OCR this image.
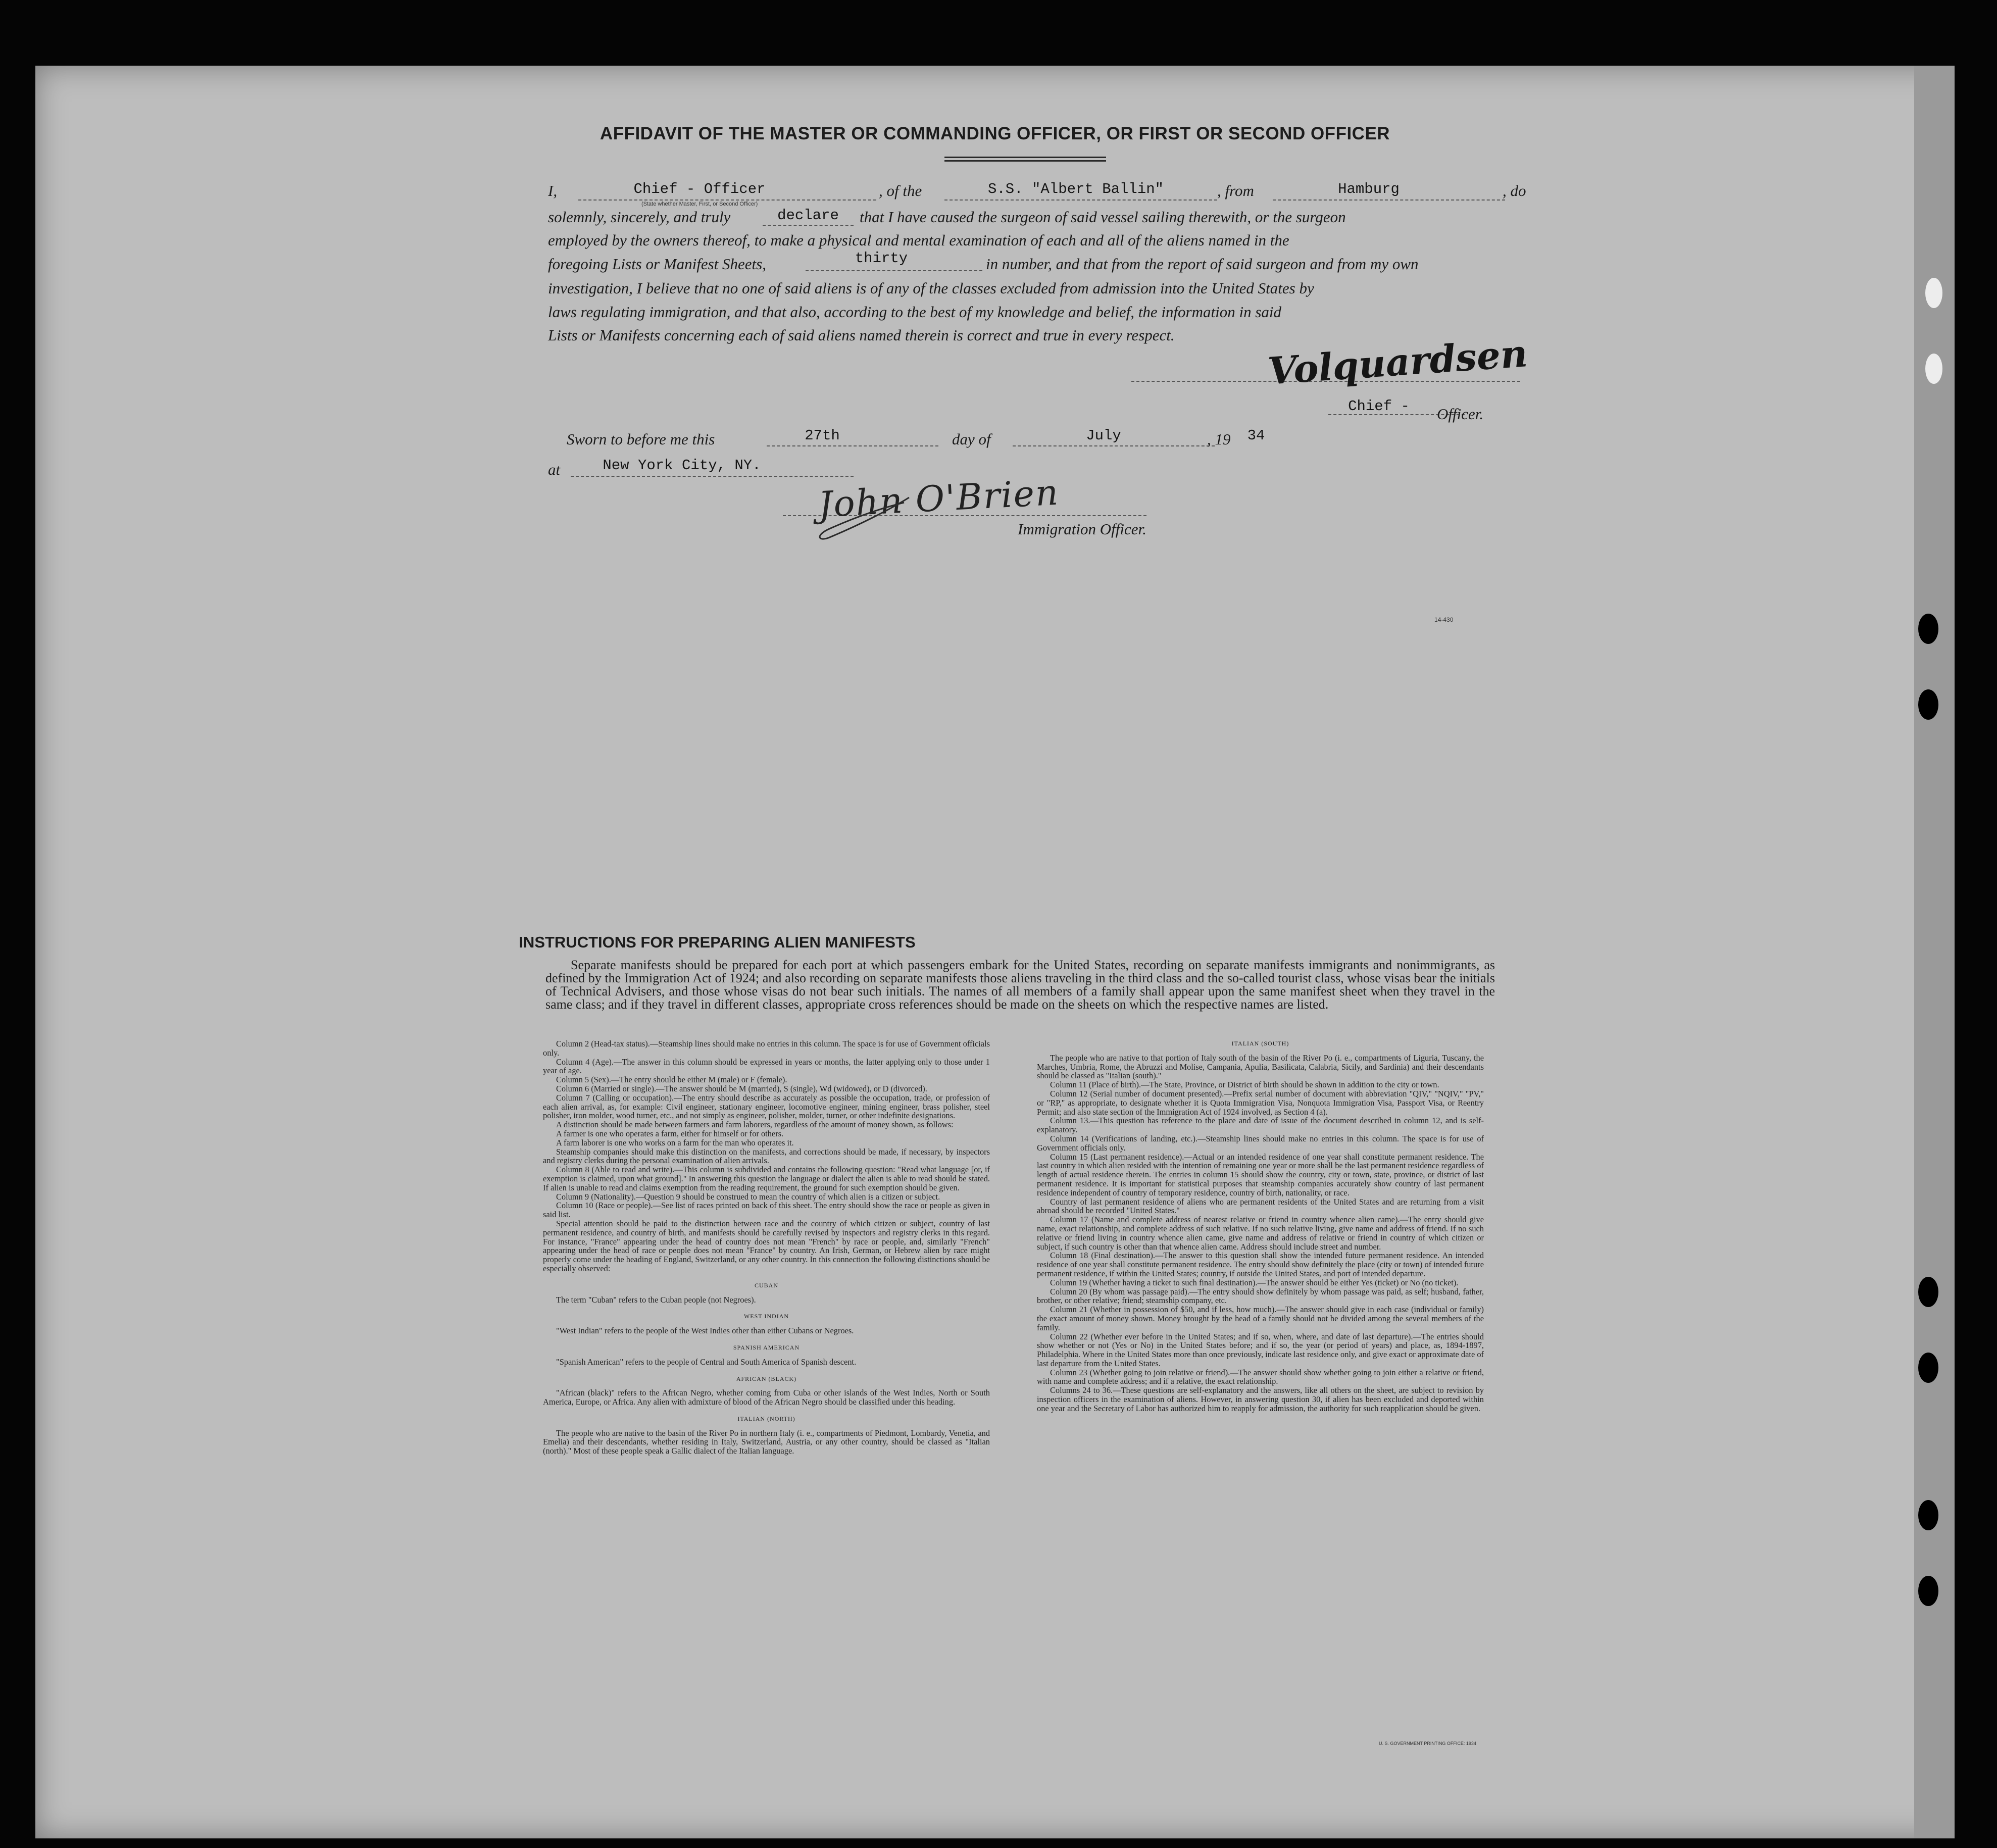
AFFIDAVIT OF THE MASTER OR COMMANDING OFFICER, OR FIRST OR SECOND OFFICER
I,	Chief - Officer
(State whether Master, First, or Second Officer)
, of the	S.S. "Albert Ballin"	, from	Hamburg	, do
solemnly, sincerely, and truly	declare	that I have caused the surgeon of said vessel sailing therewith, or the surgeon
employed by the owners thereof, to make a physical and mental examination of each and all of the aliens named in the
foregoing Lists or Manifest Sheets,	thirty	in number, and that from the report of said surgeon and from my own
investigation, I believe that no one of said aliens is of any of the classes excluded from admission into the United States by
laws regulating immigration, and that also, according to the best of my knowledge and belief, the information in said
Lists or Manifests concerning each of said aliens named therein is correct and true in every respect. Volquardsen
Chief -	Officer.
Sworn to before me this	27th	day of	July	, 19 34
at	New York City, NY.
John O'Brien
Immigration Officer.
14-430
INSTRUCTIONS FOR PREPARING ALIEN MANIFESTS
Separate manifests should be prepared for each port at which passengers embark for the United States, recording on separate manifests immigrants and nonimmigrants, as defined by the Immigration Act of 1924; and also recording on separate manifests those aliens traveling in the third class and the so-called tourist class, whose visas bear the initials of Technical Advisers, and those whose visas do not bear such initials. The names of all members of a family shall appear upon the same manifest sheet when they travel in the same class; and if they travel in different classes, appropriate cross references should be made on the sheets on which the respective names are listed.

Column 2 (Head-tax status).—Steamship lines should make no entries in this column. The space is for use of Government officials only.

Column 4 (Age).—The answer in this column should be expressed in years or months, the latter applying only to those under 1 year of age.

Column 5 (Sex).—The entry should be either M (male) or F (female).

Column 6 (Married or single).—The answer should be M (married), S (single), Wd (widowed), or D (divorced).

Column 7 (Calling or occupation).—The entry should describe as accurately as possible the occupation, trade, or profession of each alien arrival, as, for example: Civil engineer, stationary engineer, locomotive engineer, mining engineer, brass polisher, steel polisher, iron molder, wood turner, etc., and not simply as engineer, polisher, molder, turner, or other indefinite designations.

A distinction should be made between farmers and farm laborers, regardless of the amount of money shown, as follows:

A farmer is one who operates a farm, either for himself or for others.

A farm laborer is one who works on a farm for the man who operates it.

Steamship companies should make this distinction on the manifests, and corrections should be made, if necessary, by inspectors and registry clerks during the personal examination of alien arrivals.

Column 8 (Able to read and write).—This column is subdivided and contains the following question: "Read what language [or, if exemption is claimed, upon what ground]." In answering this question the language or dialect the alien is able to read should be stated. If alien is unable to read and claims exemption from the reading requirement, the ground for such exemption should be given.

Column 9 (Nationality).—Question 9 should be construed to mean the country of which alien is a citizen or subject.

Column 10 (Race or people).—See list of races printed on back of this sheet. The entry should show the race or people as given in said list.

Special attention should be paid to the distinction between race and the country of which citizen or subject, country of last permanent residence, and country of birth, and manifests should be carefully revised by inspectors and registry clerks in this regard. For instance, "France" appearing under the head of country does not mean "French" by race or people, and, similarly "French" appearing under the head of race or people does not mean "France" by country. An Irish, German, or Hebrew alien by race might properly come under the heading of England, Switzerland, or any other country. In this connection the following distinctions should be especially observed:

CUBAN

The term "Cuban" refers to the Cuban people (not Negroes).

WEST INDIAN

"West Indian" refers to the people of the West Indies other than either Cubans or Negroes.

SPANISH AMERICAN

"Spanish American" refers to the people of Central and South America of Spanish descent.

AFRICAN (BLACK)

"African (black)" refers to the African Negro, whether coming from Cuba or other islands of the West Indies, North or South America, Europe, or Africa. Any alien with admixture of blood of the African Negro should be classified under this heading.

ITALIAN (NORTH)

The people who are native to the basin of the River Po in northern Italy (i. e., compartments of Piedmont, Lombardy, Venetia, and Emelia) and their descendants, whether residing in Italy, Switzerland, Austria, or any other country, should be classed as "Italian (north)." Most of these people speak a Gallic dialect of the Italian language.

ITALIAN (SOUTH)

The people who are native to that portion of Italy south of the basin of the River Po (i. e., compartments of Liguria, Tuscany, the Marches, Umbria, Rome, the Abruzzi and Molise, Campania, Apulia, Basilicata, Calabria, Sicily, and Sardinia) and their descendants should be classed as "Italian (south)."

Column 11 (Place of birth).—The State, Province, or District of birth should be shown in addition to the city or town.

Column 12 (Serial number of document presented).—Prefix serial number of document with abbreviation "QIV," "NQIV," "PV," or "RP," as appropriate, to designate whether it is Quota Immigration Visa, Nonquota Immigration Visa, Passport Visa, or Reentry Permit; and also state section of the Immigration Act of 1924 involved, as Section 4 (a).

Column 13.—This question has reference to the place and date of issue of the document described in column 12, and is self-explanatory.

Column 14 (Verifications of landing, etc.).—Steamship lines should make no entries in this column. The space is for use of Government officials only.

Column 15 (Last permanent residence).—Actual or an intended residence of one year shall constitute permanent residence. The last country in which alien resided with the intention of remaining one year or more shall be the last permanent residence regardless of length of actual residence therein. The entries in column 15 should show the country, city or town, state, province, or district of last permanent residence. It is important for statistical purposes that steamship companies accurately show country of last permanent residence independent of country of temporary residence, country of birth, nationality, or race.

Country of last permanent residence of aliens who are permanent residents of the United States and are returning from a visit abroad should be recorded "United States."

Column 17 (Name and complete address of nearest relative or friend in country whence alien came).—The entry should give name, exact relationship, and complete address of such relative. If no such relative living, give name and address of friend. If no such relative or friend living in country whence alien came, give name and address of relative or friend in country of which citizen or subject, if such country is other than that whence alien came. Address should include street and number.

Column 18 (Final destination).—The answer to this question shall show the intended future permanent residence. An intended residence of one year shall constitute permanent residence. The entry should show definitely the place (city or town) of intended future permanent residence, if within the United States; country, if outside the United States, and port of intended departure.

Column 19 (Whether having a ticket to such final destination).—The answer should be either Yes (ticket) or No (no ticket).

Column 20 (By whom was passage paid).—The entry should show definitely by whom passage was paid, as self; husband, father, brother, or other relative; friend; steamship company, etc.

Column 21 (Whether in possession of $50, and if less, how much).—The answer should give in each case (individual or family) the exact amount of money shown. Money brought by the head of a family should not be divided among the several members of the family.

Column 22 (Whether ever before in the United States; and if so, when, where, and date of last departure).—The entries should show whether or not (Yes or No) in the United States before; and if so, the year (or period of years) and place, as, 1894-1897, Philadelphia. Where in the United States more than once previously, indicate last residence only, and give exact or approximate date of last departure from the United States.

Column 23 (Whether going to join relative or friend).—The answer should show whether going to join either a relative or friend, with name and complete address; and if a relative, the exact relationship.

Columns 24 to 36.—These questions are self-explanatory and the answers, like all others on the sheet, are subject to revision by inspection officers in the examination of aliens. However, in answering question 30, if alien has been excluded and deported within one year and the Secretary of Labor has authorized him to reapply for admission, the authority for such reapplication should be given.

U. S. GOVERNMENT PRINTING OFFICE: 1934
